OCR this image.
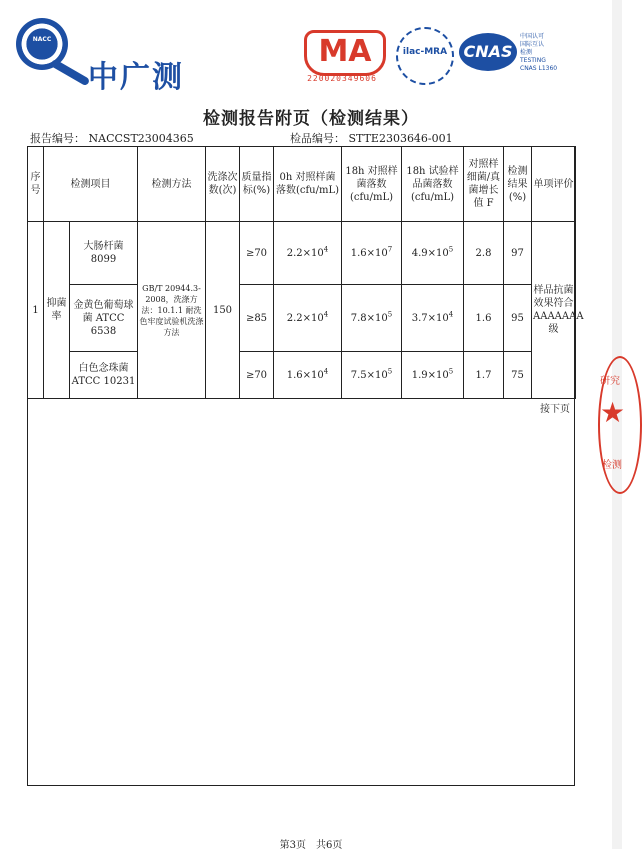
NACC
中广测
MA
220020349606
ilac-MRA	CNAS
中国认可
国际互认
检测
TESTING
CNAS L1360
检测报告附页（检测结果）
报告编号： NACCST23004365	检品编号： STTE2303646-001
序号	检测项目		检测方法	洗涤次数(次)	质量指标(%)	0h 对照样菌落数(cfu/mL)	18h 对照样菌落数(cfu/mL)	18h 试验样品菌落数(cfu/mL)	对照样细菌/真菌增长值 F	检测结果(%)	单项评价
1	抑菌率	大肠杆菌 8099	GB/T 20944.3-2008，洗涤方法：10.1.1 耐洗色牢度试验机洗涤方法	150	≥70	$2.2\times 10^4$	$1.6\times 10^7$	$4.9\times 10^5$	2.8	97	样品抗菌效果符合AAAAAAA级
		金黄色葡萄球菌 ATCC 6538			≥85	$2.2\times 10^4$	$7.8\times 10^5$	$3.7\times 10^4$	1.6	95	
		白色念珠菌 ATCC 10231			≥70	$1.6\times 10^4$	$7.5\times 10^5$	$1.9\times 10^5$	1.7	75	
接下页
第3页　共6页
研究
★
检测
